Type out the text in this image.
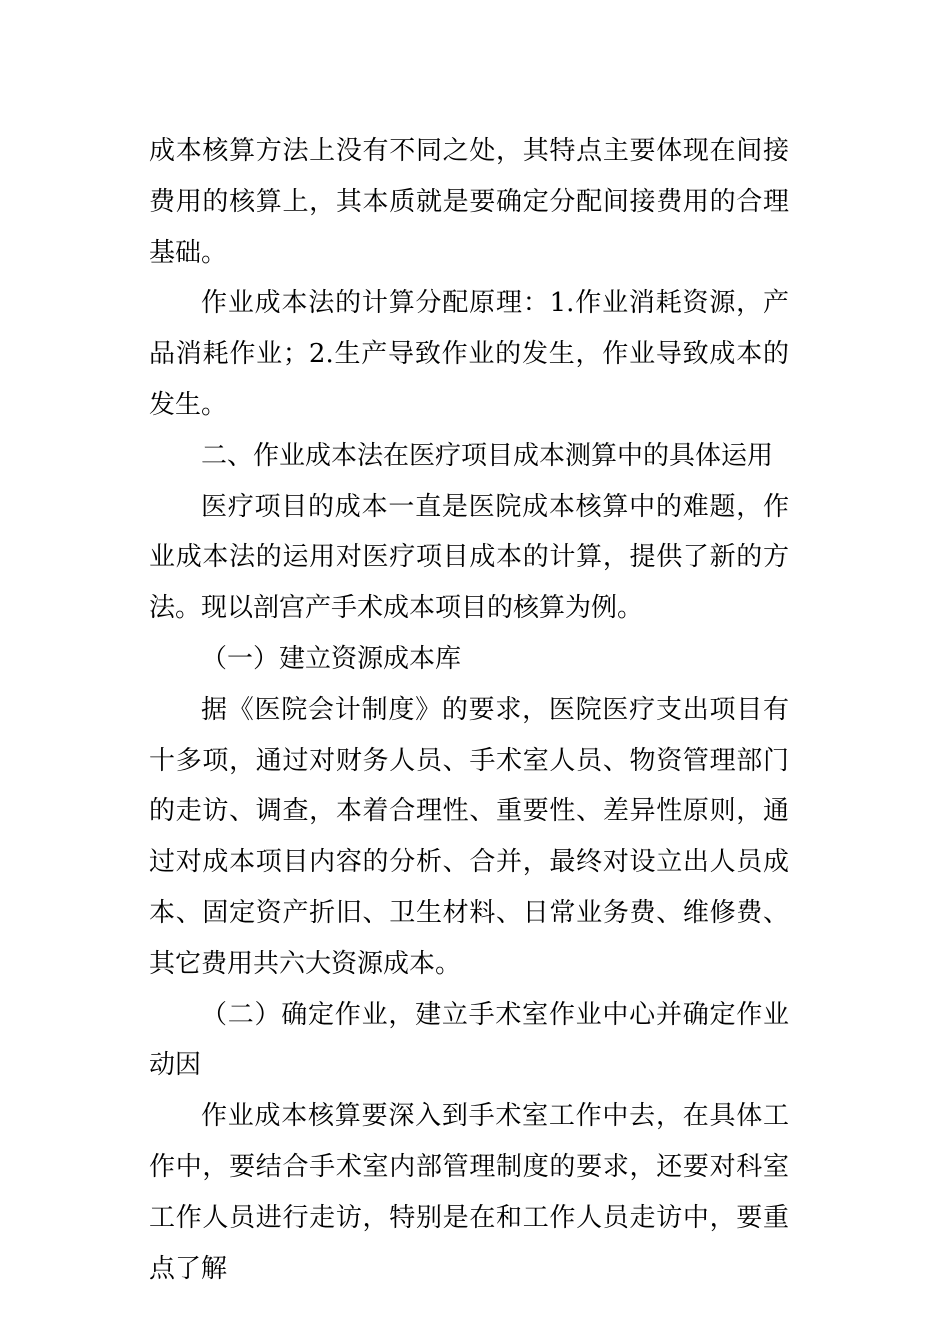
成本核算方法上没有不同之处，其特点主要体现在间接费用的核算上，其本质就是要确定分配间接费用的合理基础。

作业成本法的计算分配原理：1.作业消耗资源，产品消耗作业；2.生产导致作业的发生，作业导致成本的发生。

二、作业成本法在医疗项目成本测算中的具体运用

医疗项目的成本一直是医院成本核算中的难题，作业成本法的运用对医疗项目成本的计算，提供了新的方法。现以剖宫产手术成本项目的核算为例。

（一）建立资源成本库

据《医院会计制度》的要求，医院医疗支出项目有十多项，通过对财务人员、手术室人员、物资管理部门的走访、调查，本着合理性、重要性、差异性原则，通过对成本项目内容的分析、合并，最终对设立出人员成本、固定资产折旧、卫生材料、日常业务费、维修费、其它费用共六大资源成本。

（二）确定作业，建立手术室作业中心并确定作业动因

作业成本核算要深入到手术室工作中去，在具体工作中，要结合手术室内部管理制度的要求，还要对科室工作人员进行走访，特别是在和工作人员走访中，要重点了解
